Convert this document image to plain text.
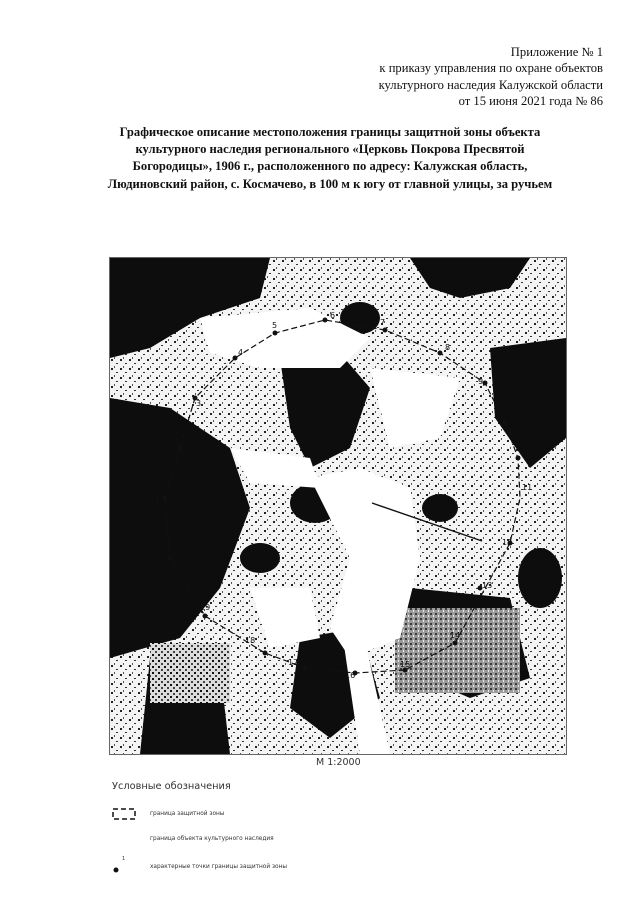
Приложение № 1
к приказу управления по охране объектов
культурного наследия Калужской области
от 15 июня 2021 года № 86
Графическое описание местоположения границы защитной зоны объекта
культурного наследия регионального «Церковь Покрова Пресвятой
Богородицы», 1906 г., расположенного по адресу: Калужская область,
Людиновский район, с. Космачево, в 100 м к югу от главной улицы, за ручьем
100
1
2
3
4
5
6
7
8
9
10
11
12
13
14
15
16
17
18
19
20
М 1:2000
Условные обозначения
граница защитной зоны
граница объекта культурного наследия
1
характерные точки границы защитной зоны
